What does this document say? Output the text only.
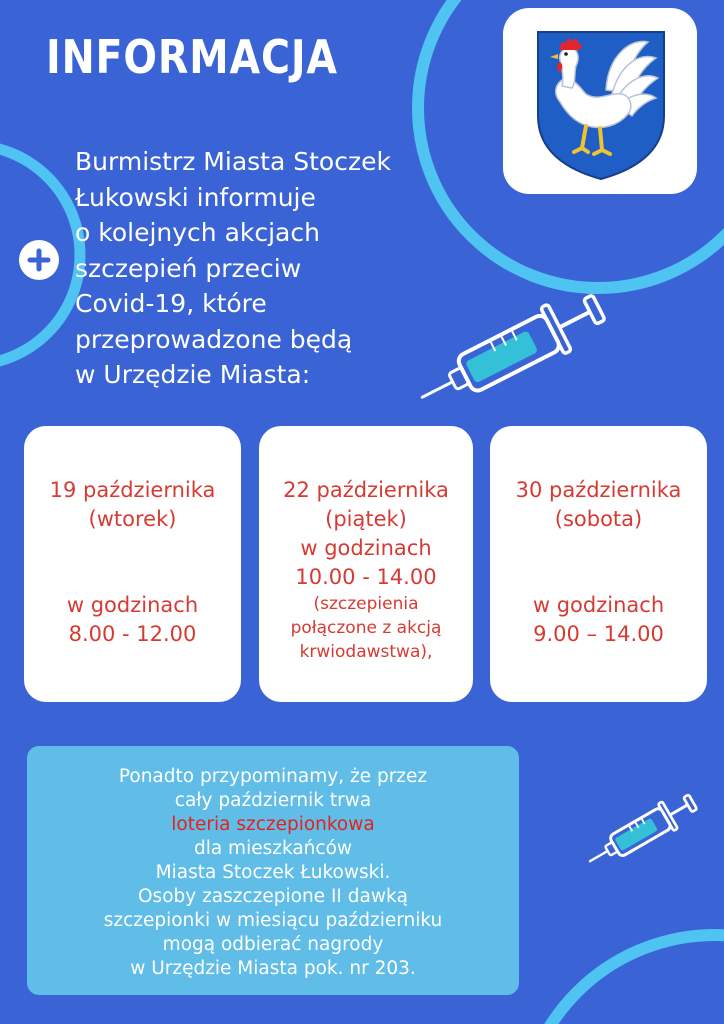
INFORMACJA

Burmistrz Miasta Stoczek
Łukowski informuje
o kolejnych akcjach
szczepień przeciw
Covid-19, które
przeprowadzone będą
w Urzędzie Miasta:

19 października
(wtorek)
w godzinach
8.00 - 12.00
22 października
(piątek)
w godzinach
10.00 - 14.00
(szczepienia
połączone z akcją
krwiodawstwa),
30 października
(sobota)
w godzinach
9.00 – 14.00
Ponadto przypominamy, że przez
cały październik trwa
loteria szczepionkowa
dla mieszkańców
Miasta Stoczek Łukowski.
Osoby zaszczepione II dawką
szczepionki w miesiącu październiku
mogą odbierać nagrody
w Urzędzie Miasta pok. nr 203.
